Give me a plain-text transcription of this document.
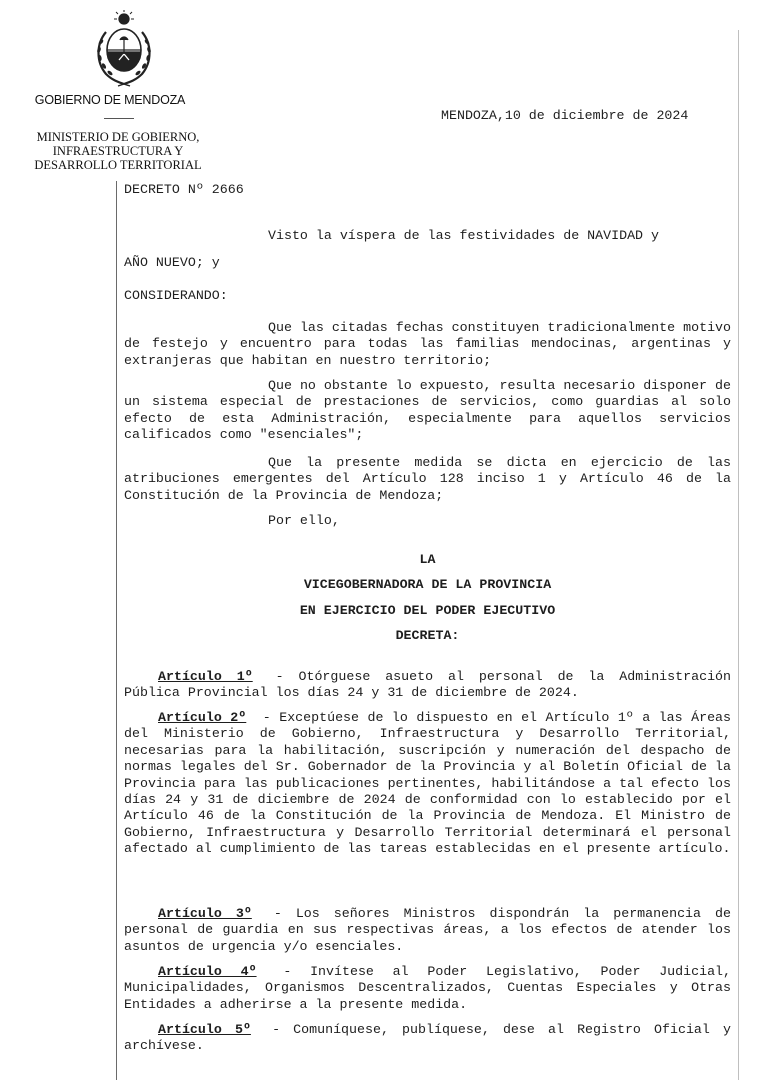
GOBIERNO DE MENDOZA
MINISTERIO DE GOBIERNO,
INFRAESTRUCTURA Y
DESARROLLO TERRITORIAL
MENDOZA,10 de diciembre de 2024
DECRETO Nº 2666
Visto la víspera de las festividades de NAVIDAD y
AÑO NUEVO; y
CONSIDERANDO:
Que las citadas fechas constituyen tradicionalmente motivo de festejo y encuentro para todas las familias mendocinas, argentinas y extranjeras que habitan en nuestro territorio;
Que no obstante lo expuesto, resulta necesario disponer de un sistema especial de prestaciones de servicios, como guardias al solo efecto de esta Administración, especialmente para aquellos servicios calificados como "esenciales";
Que la presente medida se dicta en ejercicio de las atribuciones emergentes del Artículo 128 inciso 1 y Artículo 46 de la Constitución de la Provincia de Mendoza;
Por ello,
LA
VICEGOBERNADORA DE LA PROVINCIA
EN EJERCICIO DEL PODER EJECUTIVO
DECRETA:
Artículo 1º - Otórguese asueto al personal de la Administración Pública Provincial los días 24 y 31 de diciembre de 2024.
Artículo 2º - Exceptúese de lo dispuesto en el Artículo 1º a las Áreas del Ministerio de Gobierno, Infraestructura y Desarrollo Territorial, necesarias para la habilitación, suscripción y numeración del despacho de normas legales del Sr. Gobernador de la Provincia y al Boletín Oficial de la Provincia para las publicaciones pertinentes, habilitándose a tal efecto los días 24 y 31 de diciembre de 2024 de conformidad con lo establecido por el Artículo 46 de la Constitución de la Provincia de Mendoza. El Ministro de Gobierno, Infraestructura y Desarrollo Territorial determinará el personal afectado al cumplimiento de las tareas establecidas en el presente artículo.
Artículo 3º - Los señores Ministros dispondrán la permanencia de personal de guardia en sus respectivas áreas, a los efectos de atender los asuntos de urgencia y/o esenciales.
Artículo 4º - Invítese al Poder Legislativo, Poder Judicial, Municipalidades, Organismos Descentralizados, Cuentas Especiales y Otras Entidades a adherirse a la presente medida.
Artículo 5º - Comuníquese, publíquese, dese al Registro Oficial y archívese.
